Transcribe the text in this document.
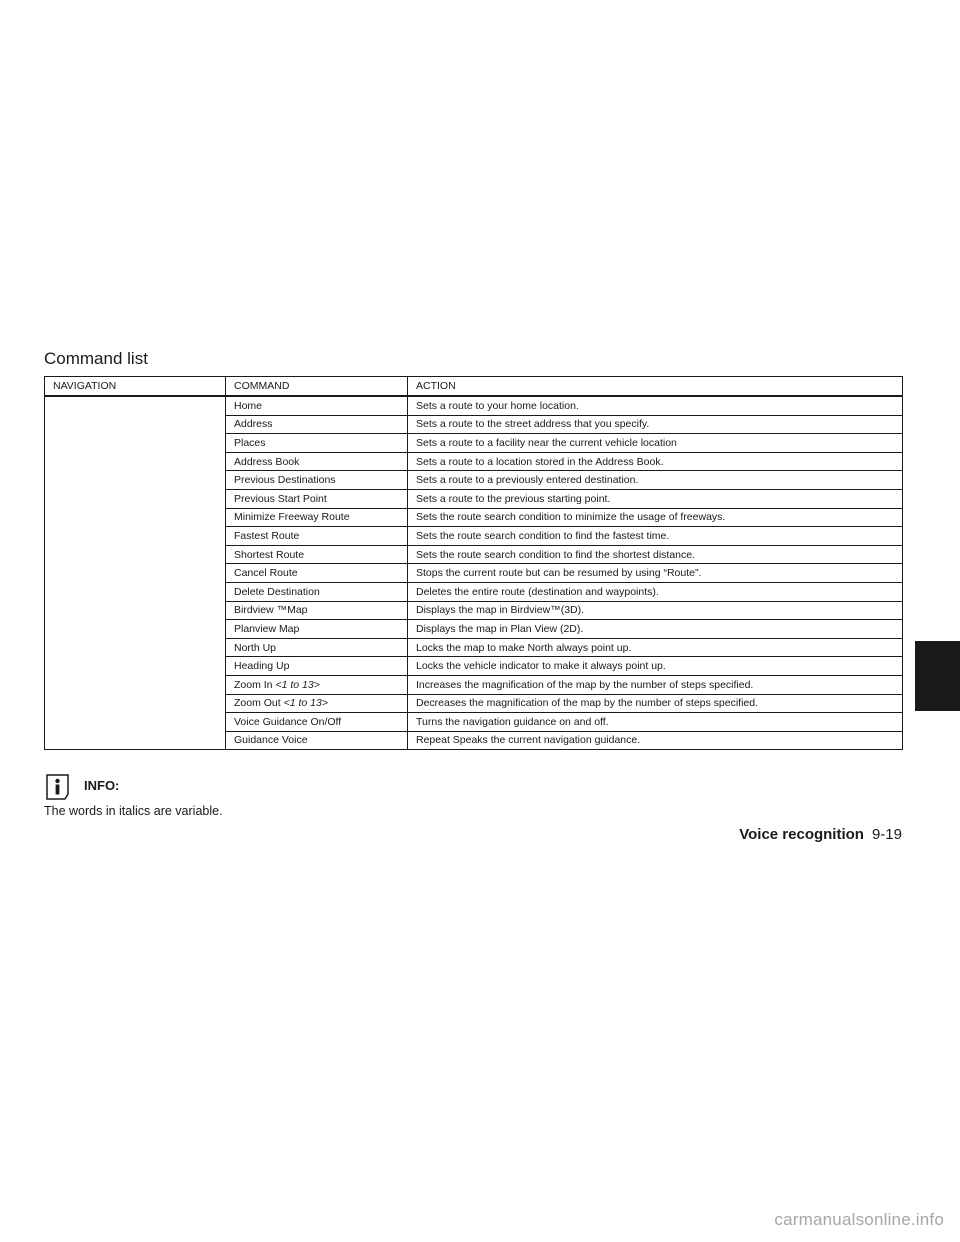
Command list
NAVIGATION	COMMAND	ACTION
	Home	Sets a route to your home location.
	Address	Sets a route to the street address that you specify.
	Places	Sets a route to a facility near the current vehicle location
	Address Book	Sets a route to a location stored in the Address Book.
	Previous Destinations	Sets a route to a previously entered destination.
	Previous Start Point	Sets a route to the previous starting point.
	Minimize Freeway Route	Sets the route search condition to minimize the usage of freeways.
	Fastest Route	Sets the route search condition to find the fastest time.
	Shortest Route	Sets the route search condition to find the shortest distance.
	Cancel Route	Stops the current route but can be resumed by using “Route”.
	Delete Destination	Deletes the entire route (destination and waypoints).
	Birdview ™Map	Displays the map in Birdview™(3D).
	Planview Map	Displays the map in Plan View (2D).
	North Up	Locks the map to make North always point up.
	Heading Up	Locks the vehicle indicator to make it always point up.
	Zoom In <1 to 13>	Increases the magnification of the map by the number of steps specified.
	Zoom Out <1 to 13>	Decreases the magnification of the map by the number of steps specified.
	Voice Guidance On/Off	Turns the navigation guidance on and off.
	Guidance Voice	Repeat Speaks the current navigation guidance.
INFO:
The words in italics are variable.
Voice recognition 9-19
carmanualsonline.info
